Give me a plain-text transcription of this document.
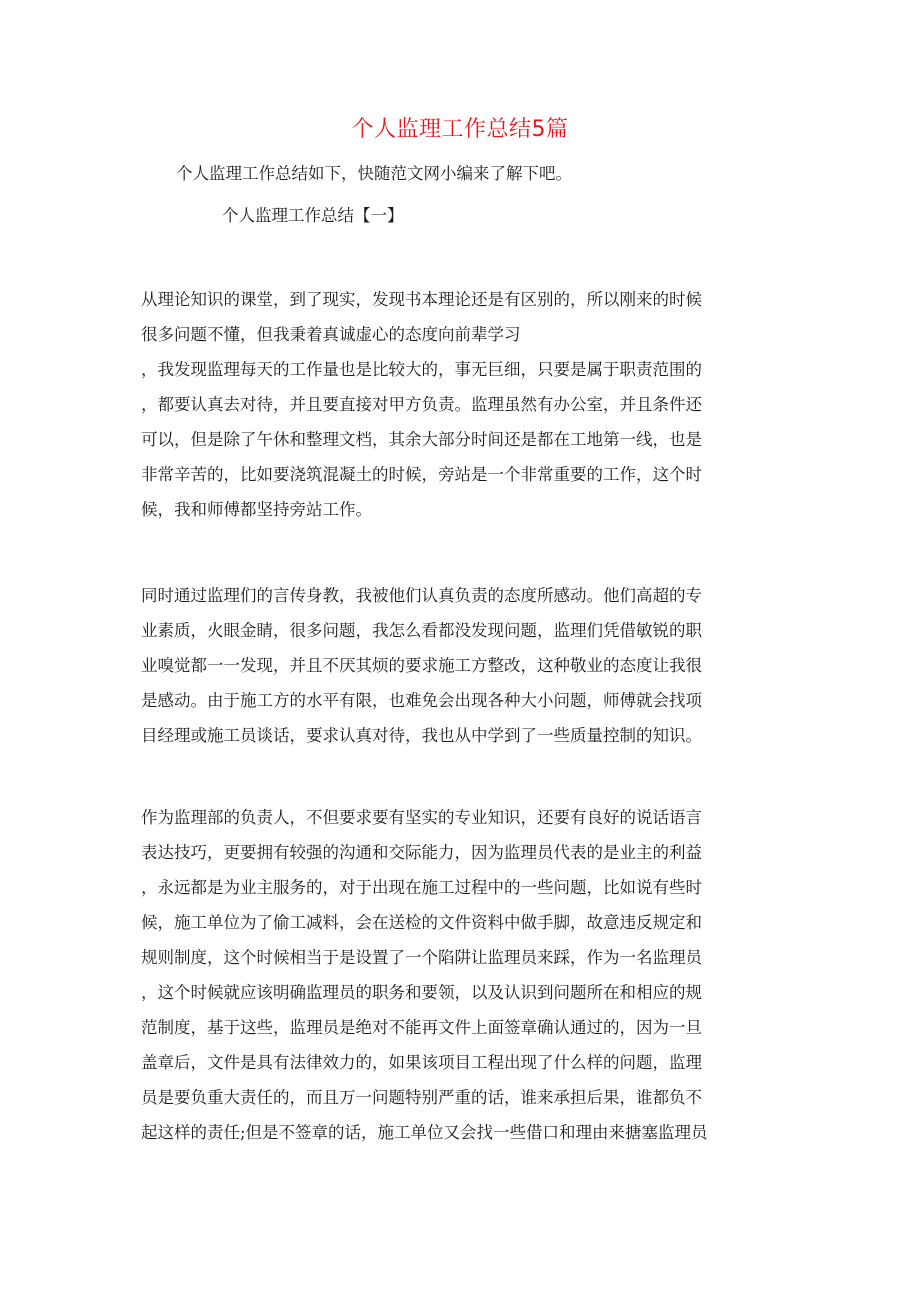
个人监理工作总结5篇
个人监理工作总结如下，快随范文网小编来了解下吧。
个人监理工作总结【一】
从理论知识的课堂，到了现实，发现书本理论还是有区别的，所以刚来的时候
很多问题不懂，但我秉着真诚虚心的态度向前辈学习
，我发现监理每天的工作量也是比较大的，事无巨细，只要是属于职责范围的
，都要认真去对待，并且要直接对甲方负责。监理虽然有办公室，并且条件还
可以，但是除了午休和整理文档，其余大部分时间还是都在工地第一线，也是
非常辛苦的，比如要浇筑混凝土的时候，旁站是一个非常重要的工作，这个时
候，我和师傅都坚持旁站工作。
同时通过监理们的言传身教，我被他们认真负责的态度所感动。他们高超的专
业素质，火眼金睛，很多问题，我怎么看都没发现问题，监理们凭借敏锐的职
业嗅觉都一一发现，并且不厌其烦的要求施工方整改，这种敬业的态度让我很
是感动。由于施工方的水平有限，也难免会出现各种大小问题，师傅就会找项
目经理或施工员谈话，要求认真对待，我也从中学到了一些质量控制的知识。
作为监理部的负责人，不但要求要有坚实的专业知识，还要有良好的说话语言
表达技巧，更要拥有较强的沟通和交际能力，因为监理员代表的是业主的利益
，永远都是为业主服务的，对于出现在施工过程中的一些问题，比如说有些时
候，施工单位为了偷工减料，会在送检的文件资料中做手脚，故意违反规定和
规则制度，这个时候相当于是设置了一个陷阱让监理员来踩，作为一名监理员
，这个时候就应该明确监理员的职务和要领，以及认识到问题所在和相应的规
范制度，基于这些，监理员是绝对不能再文件上面签章确认通过的，因为一旦
盖章后，文件是具有法律效力的，如果该项目工程出现了什么样的问题，监理
员是要负重大责任的，而且万一问题特别严重的话，谁来承担后果，谁都负不
起这样的责任;但是不签章的话，施工单位又会找一些借口和理由来搪塞监理员
